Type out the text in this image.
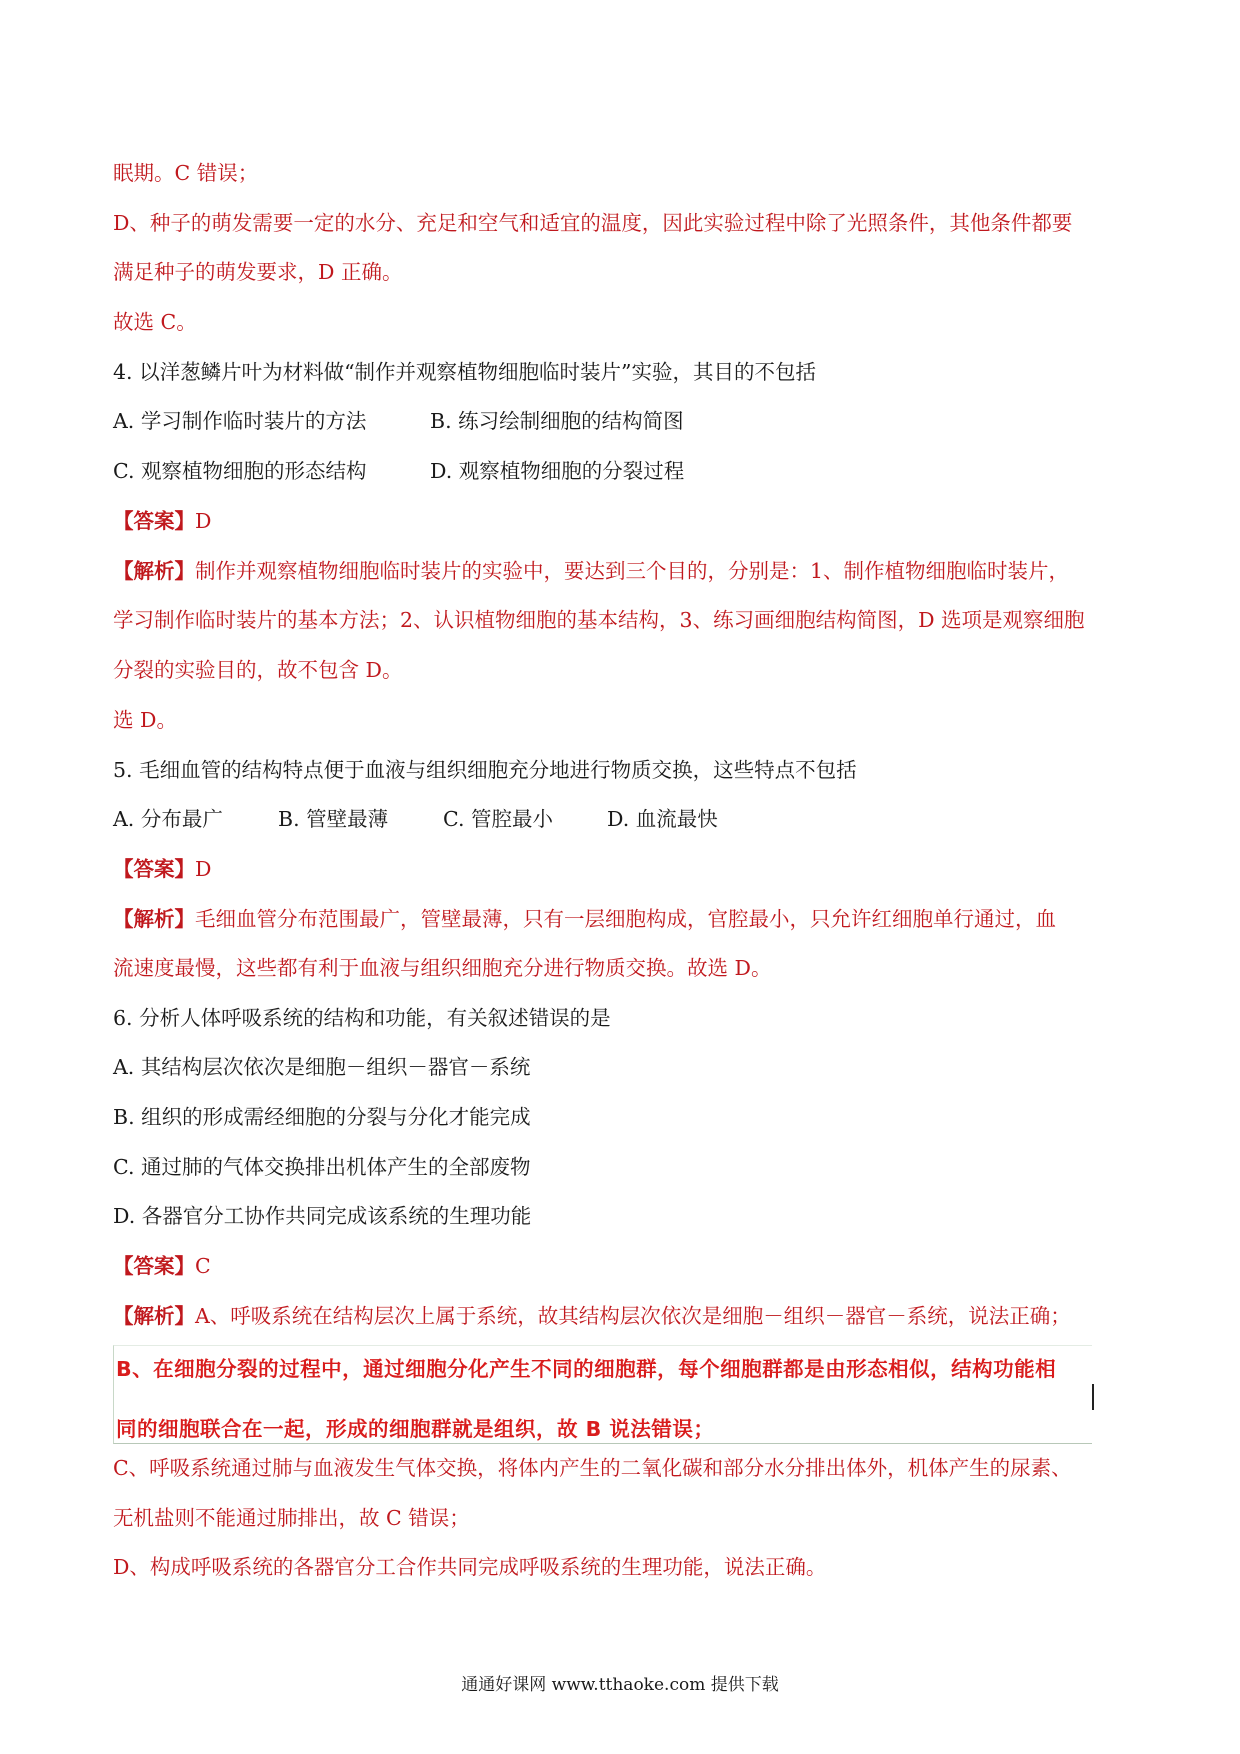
眠期。C 错误；
D、种子的萌发需要一定的水分、充足和空气和适宜的温度，因此实验过程中除了光照条件，其他条件都要
满足种子的萌发要求，D 正确。
故选 C。
4. 以洋葱鳞片叶为材料做“制作并观察植物细胞临时装片”实验，其目的不包括
A. 学习制作临时装片的方法	B. 练习绘制细胞的结构简图
C. 观察植物细胞的形态结构	D. 观察植物细胞的分裂过程
【答案】D
【解析】制作并观察植物细胞临时装片的实验中，要达到三个目的，分别是：1、制作植物细胞临时装片，
学习制作临时装片的基本方法；2、认识植物细胞的基本结构，3、练习画细胞结构简图，D 选项是观察细胞
分裂的实验目的，故不包含 D。
选 D。
5. 毛细血管的结构特点便于血液与组织细胞充分地进行物质交换，这些特点不包括
A. 分布最广	B. 管壁最薄	C. 管腔最小	D. 血流最快
【答案】D
【解析】毛细血管分布范围最广，管壁最薄，只有一层细胞构成，官腔最小，只允许红细胞单行通过，血
流速度最慢，这些都有利于血液与组织细胞充分进行物质交换。故选 D。
6. 分析人体呼吸系统的结构和功能，有关叙述错误的是
A. 其结构层次依次是细胞－组织－器官－系统
B. 组织的形成需经细胞的分裂与分化才能完成
C. 通过肺的气体交换排出机体产生的全部废物
D. 各器官分工协作共同完成该系统的生理功能
【答案】C
【解析】A、呼吸系统在结构层次上属于系统，故其结构层次依次是细胞－组织－器官－系统，说法正确；
B、在细胞分裂的过程中，通过细胞分化产生不同的细胞群，每个细胞群都是由形态相似，结构功能相
同的细胞联合在一起，形成的细胞群就是组织，故 B 说法错误；
C、呼吸系统通过肺与血液发生气体交换，将体内产生的二氧化碳和部分水分排出体外，机体产生的尿素、
无机盐则不能通过肺排出，故 C 错误；
D、构成呼吸系统的各器官分工合作共同完成呼吸系统的生理功能，说法正确。
通通好课网 www.tthaoke.com 提供下载
